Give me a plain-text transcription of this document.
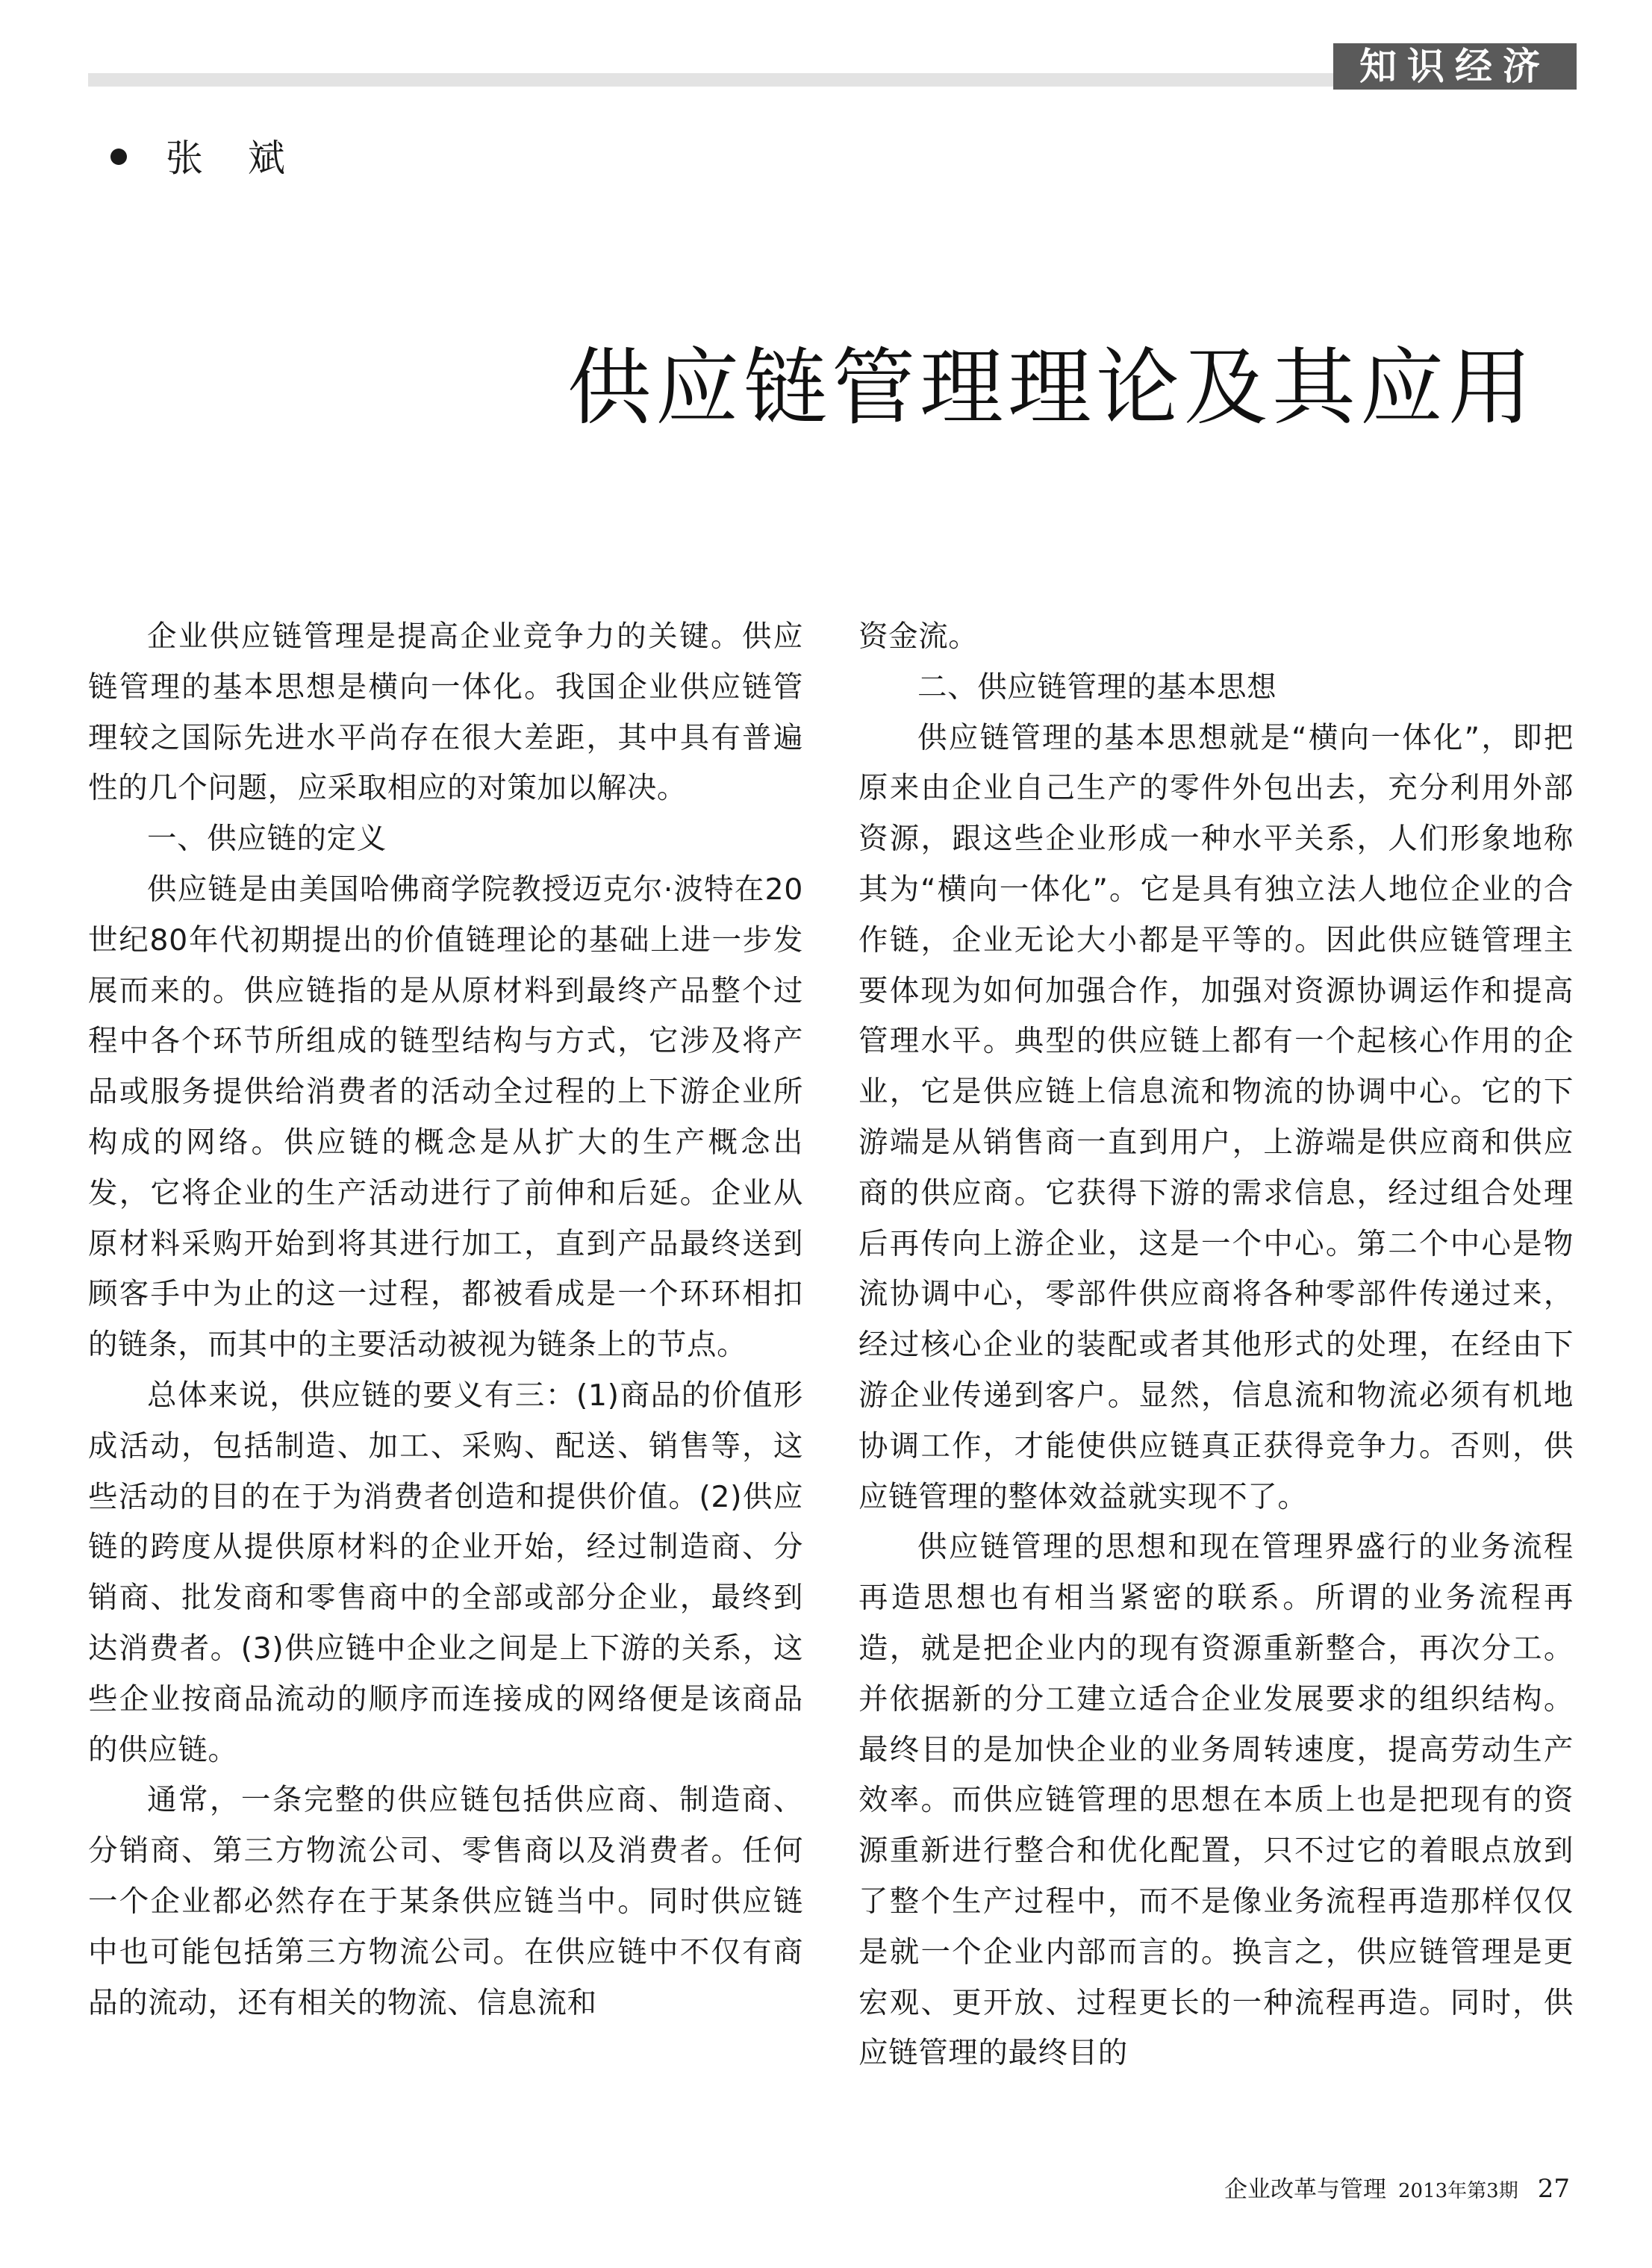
知识经济
张 斌
供应链管理理论及其应用

企业供应链管理是提高企业竞争力的关键。供应链管理的基本思想是横向一体化。我国企业供应链管理较之国际先进水平尚存在很大差距，其中具有普遍性的几个问题，应采取相应的对策加以解决。

一、供应链的定义

供应链是由美国哈佛商学院教授迈克尔·波特在20世纪80年代初期提出的价值链理论的基础上进一步发展而来的。供应链指的是从原材料到最终产品整个过程中各个环节所组成的链型结构与方式，它涉及将产品或服务提供给消费者的活动全过程的上下游企业所构成的网络。供应链的概念是从扩大的生产概念出发，它将企业的生产活动进行了前伸和后延。企业从原材料采购开始到将其进行加工，直到产品最终送到顾客手中为止的这一过程，都被看成是一个环环相扣的链条，而其中的主要活动被视为链条上的节点。

总体来说，供应链的要义有三：(1)商品的价值形成活动，包括制造、加工、采购、配送、销售等，这些活动的目的在于为消费者创造和提供价值。(2)供应链的跨度从提供原材料的企业开始，经过制造商、分销商、批发商和零售商中的全部或部分企业，最终到达消费者。(3)供应链中企业之间是上下游的关系，这些企业按商品流动的顺序而连接成的网络便是该商品的供应链。

通常，一条完整的供应链包括供应商、制造商、分销商、第三方物流公司、零售商以及消费者。任何一个企业都必然存在于某条供应链当中。同时供应链中也可能包括第三方物流公司。在供应链中不仅有商品的流动，还有相关的物流、信息流和

资金流。

二、供应链管理的基本思想

供应链管理的基本思想就是“横向一体化”，即把原来由企业自己生产的零件外包出去，充分利用外部资源，跟这些企业形成一种水平关系，人们形象地称其为“横向一体化”。它是具有独立法人地位企业的合作链，企业无论大小都是平等的。因此供应链管理主要体现为如何加强合作，加强对资源协调运作和提高管理水平。典型的供应链上都有一个起核心作用的企业，它是供应链上信息流和物流的协调中心。它的下游端是从销售商一直到用户，上游端是供应商和供应商的供应商。它获得下游的需求信息，经过组合处理后再传向上游企业，这是一个中心。第二个中心是物流协调中心，零部件供应商将各种零部件传递过来，经过核心企业的装配或者其他形式的处理，在经由下游企业传递到客户。显然，信息流和物流必须有机地协调工作，才能使供应链真正获得竞争力。否则，供应链管理的整体效益就实现不了。

供应链管理的思想和现在管理界盛行的业务流程再造思想也有相当紧密的联系。所谓的业务流程再造，就是把企业内的现有资源重新整合，再次分工。并依据新的分工建立适合企业发展要求的组织结构。最终目的是加快企业的业务周转速度，提高劳动生产效率。而供应链管理的思想在本质上也是把现有的资源重新进行整合和优化配置，只不过它的着眼点放到了整个生产过程中，而不是像业务流程再造那样仅仅是就一个企业内部而言的。换言之，供应链管理是更宏观、更开放、过程更长的一种流程再造。同时，供应链管理的最终目的

企业改革与管理 2013年第3期 27
